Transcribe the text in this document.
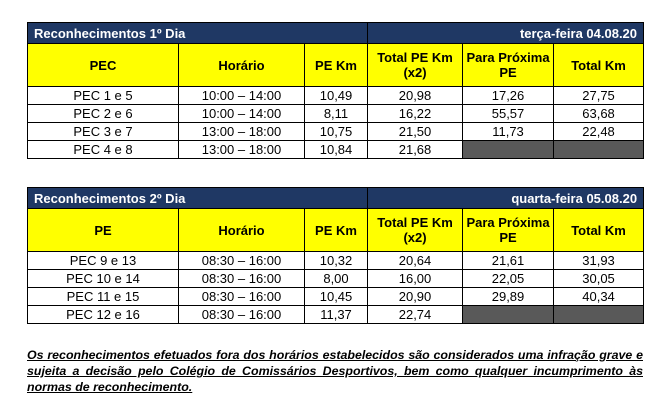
Reconhecimentos 1º Dia			terça-feira 04.08.20		
PEC	Horário	PE Km	Total PE Km (x2)	Para Próxima PE	Total Km
PEC 1 e 5	10:00 – 14:00	10,49	20,98	17,26	27,75
PEC 2 e 6	10:00 – 14:00	8,11	16,22	55,57	63,68
PEC 3 e 7	13:00 – 18:00	10,75	21,50	11,73	22,48
PEC 4 e 8	13:00 – 18:00	10,84	21,68		
Reconhecimentos 2º Dia			quarta-feira 05.08.20		
PE	Horário	PE Km	Total PE Km (x2)	Para Próxima PE	Total Km
PEC 9 e 13	08:30 – 16:00	10,32	20,64	21,61	31,93
PEC 10 e 14	08:30 – 16:00	8,00	16,00	22,05	30,05
PEC 11 e 15	08:30 – 16:00	10,45	20,90	29,89	40,34
PEC 12 e 16	08:30 – 16:00	11,37	22,74		
Os reconhecimentos efetuados fora dos horários estabelecidos são considerados uma infração grave e sujeita a decisão pelo Colégio de Comissários Desportivos, bem como qualquer incumprimento às normas de reconhecimento.
